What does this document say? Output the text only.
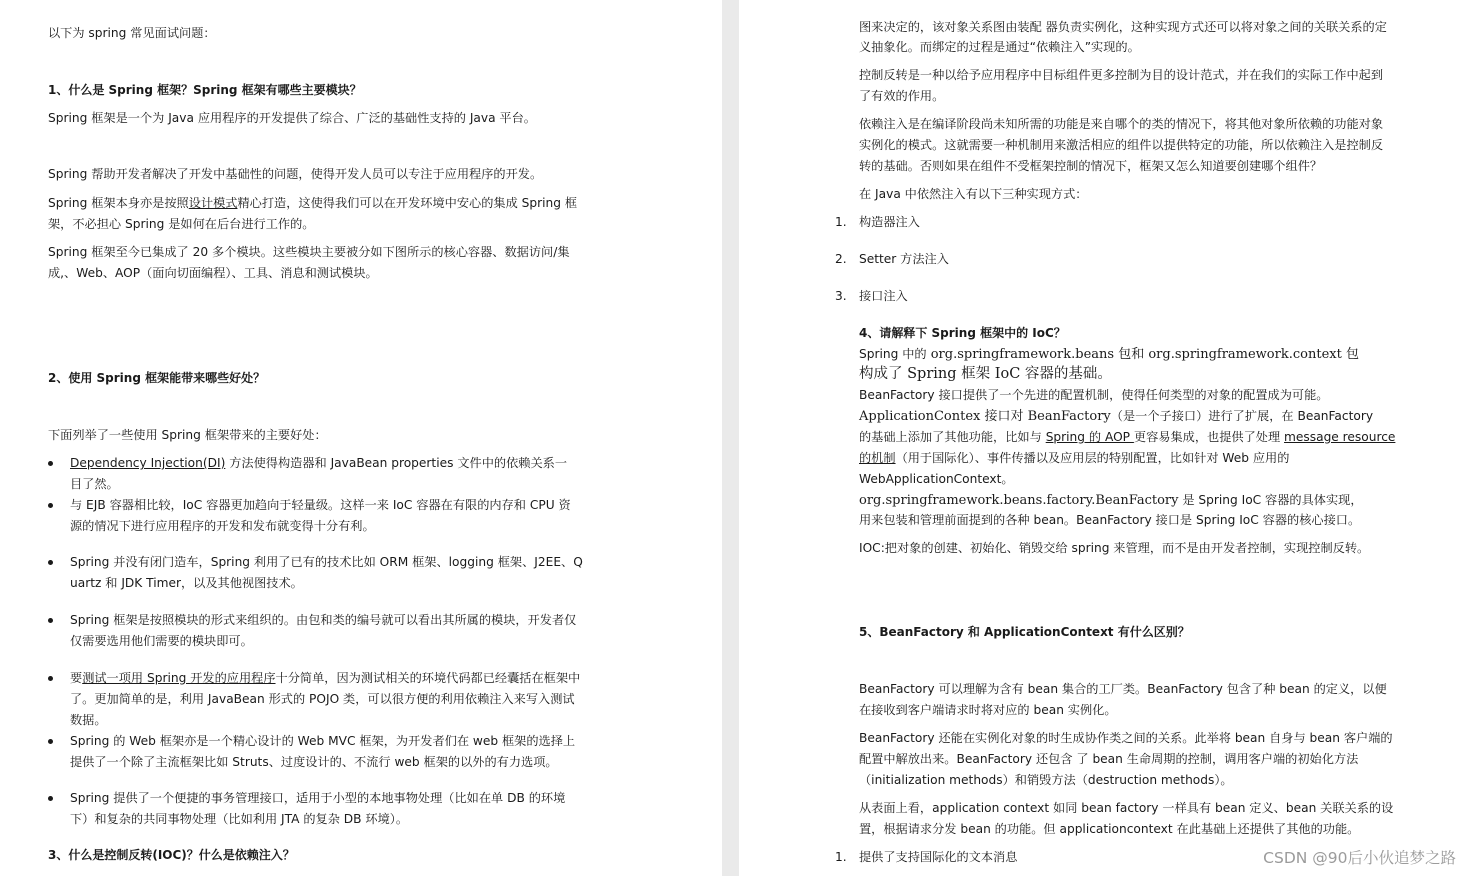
以下为 spring 常见面试问题：

1、什么是 Spring 框架？Spring 框架有哪些主要模块？

Spring 框架是一个为 Java 应用程序的开发提供了综合、广泛的基础性支持的 Java 平台。

Spring 帮助开发者解决了开发中基础性的问题，使得开发人员可以专注于应用程序的开发。

Spring 框架本身亦是按照设计模式精心打造，这使得我们可以在开发环境中安心的集成 Spring 框

架，不必担心 Spring 是如何在后台进行工作的。

Spring 框架至今已集成了 20 多个模块。这些模块主要被分如下图所示的核心容器、数据访问/集

成,、Web、AOP（面向切面编程）、工具、消息和测试模块。

2、使用 Spring 框架能带来哪些好处？

下面列举了一些使用 Spring 框架带来的主要好处：

Dependency Injection(DI) 方法使得构造器和 JavaBean properties 文件中的依赖关系一

目了然。

与 EJB 容器相比较，IoC 容器更加趋向于轻量级。这样一来 IoC 容器在有限的内存和 CPU 资

源的情况下进行应用程序的开发和发布就变得十分有利。

Spring 并没有闭门造车，Spring 利用了已有的技术比如 ORM 框架、logging 框架、J2EE、Q

uartz 和 JDK Timer，以及其他视图技术。

Spring 框架是按照模块的形式来组织的。由包和类的编号就可以看出其所属的模块，开发者仅

仅需要选用他们需要的模块即可。

要测试一项用 Spring 开发的应用程序十分简单，因为测试相关的环境代码都已经囊括在框架中

了。更加简单的是，利用 JavaBean 形式的 POJO 类，可以很方便的利用依赖注入来写入测试

数据。

Spring 的 Web 框架亦是一个精心设计的 Web MVC 框架，为开发者们在 web 框架的选择上

提供了一个除了主流框架比如 Struts、过度设计的、不流行 web 框架的以外的有力选项。

Spring 提供了一个便捷的事务管理接口，适用于小型的本地事物处理（比如在单 DB 的环境

下）和复杂的共同事物处理（比如利用 JTA 的复杂 DB 环境）。

3、什么是控制反转(IOC)？什么是依赖注入？

图来决定的，该对象关系图由装配 器负责实例化，这种实现方式还可以将对象之间的关联关系的定

义抽象化。而绑定的过程是通过“依赖注入”实现的。

控制反转是一种以给予应用程序中目标组件更多控制为目的设计范式，并在我们的实际工作中起到

了有效的作用。

依赖注入是在编译阶段尚未知所需的功能是来自哪个的类的情况下，将其他对象所依赖的功能对象

实例化的模式。这就需要一种机制用来激活相应的组件以提供特定的功能，所以依赖注入是控制反

转的基础。否则如果在组件不受框架控制的情况下，框架又怎么知道要创建哪个组件？

在 Java 中依然注入有以下三种实现方式：

1. 构造器注入

2. Setter 方法注入

3. 接口注入

4、请解释下 Spring 框架中的 IoC？

Spring 中的 org.springframework.beans 包和 org.springframework.context 包

构成了 Spring 框架 IoC 容器的基础。

BeanFactory 接口提供了一个先进的配置机制，使得任何类型的对象的配置成为可能。

ApplicationContex 接口对 BeanFactory（是一个子接口）进行了扩展，在 BeanFactory

的基础上添加了其他功能，比如与 Spring 的 AOP 更容易集成，也提供了处理 message resource

的机制（用于国际化）、事件传播以及应用层的特别配置，比如针对 Web 应用的

WebApplicationContext。

org.springframework.beans.factory.BeanFactory 是 Spring IoC 容器的具体实现，

用来包装和管理前面提到的各种 bean。BeanFactory 接口是 Spring IoC 容器的核心接口。

IOC:把对象的创建、初始化、销毁交给 spring 来管理，而不是由开发者控制，实现控制反转。

5、BeanFactory 和 ApplicationContext 有什么区别？

BeanFactory 可以理解为含有 bean 集合的工厂类。BeanFactory 包含了种 bean 的定义，以便

在接收到客户端请求时将对应的 bean 实例化。

BeanFactory 还能在实例化对象的时生成协作类之间的关系。此举将 bean 自身与 bean 客户端的

配置中解放出来。BeanFactory 还包含 了 bean 生命周期的控制，调用客户端的初始化方法

（initialization methods）和销毁方法（destruction methods）。

从表面上看，application context 如同 bean factory 一样具有 bean 定义、bean 关联关系的设

置，根据请求分发 bean 的功能。但 applicationcontext 在此基础上还提供了其他的功能。

1. 提供了支持国际化的文本消息	CSDN @90后小伙追梦之路
